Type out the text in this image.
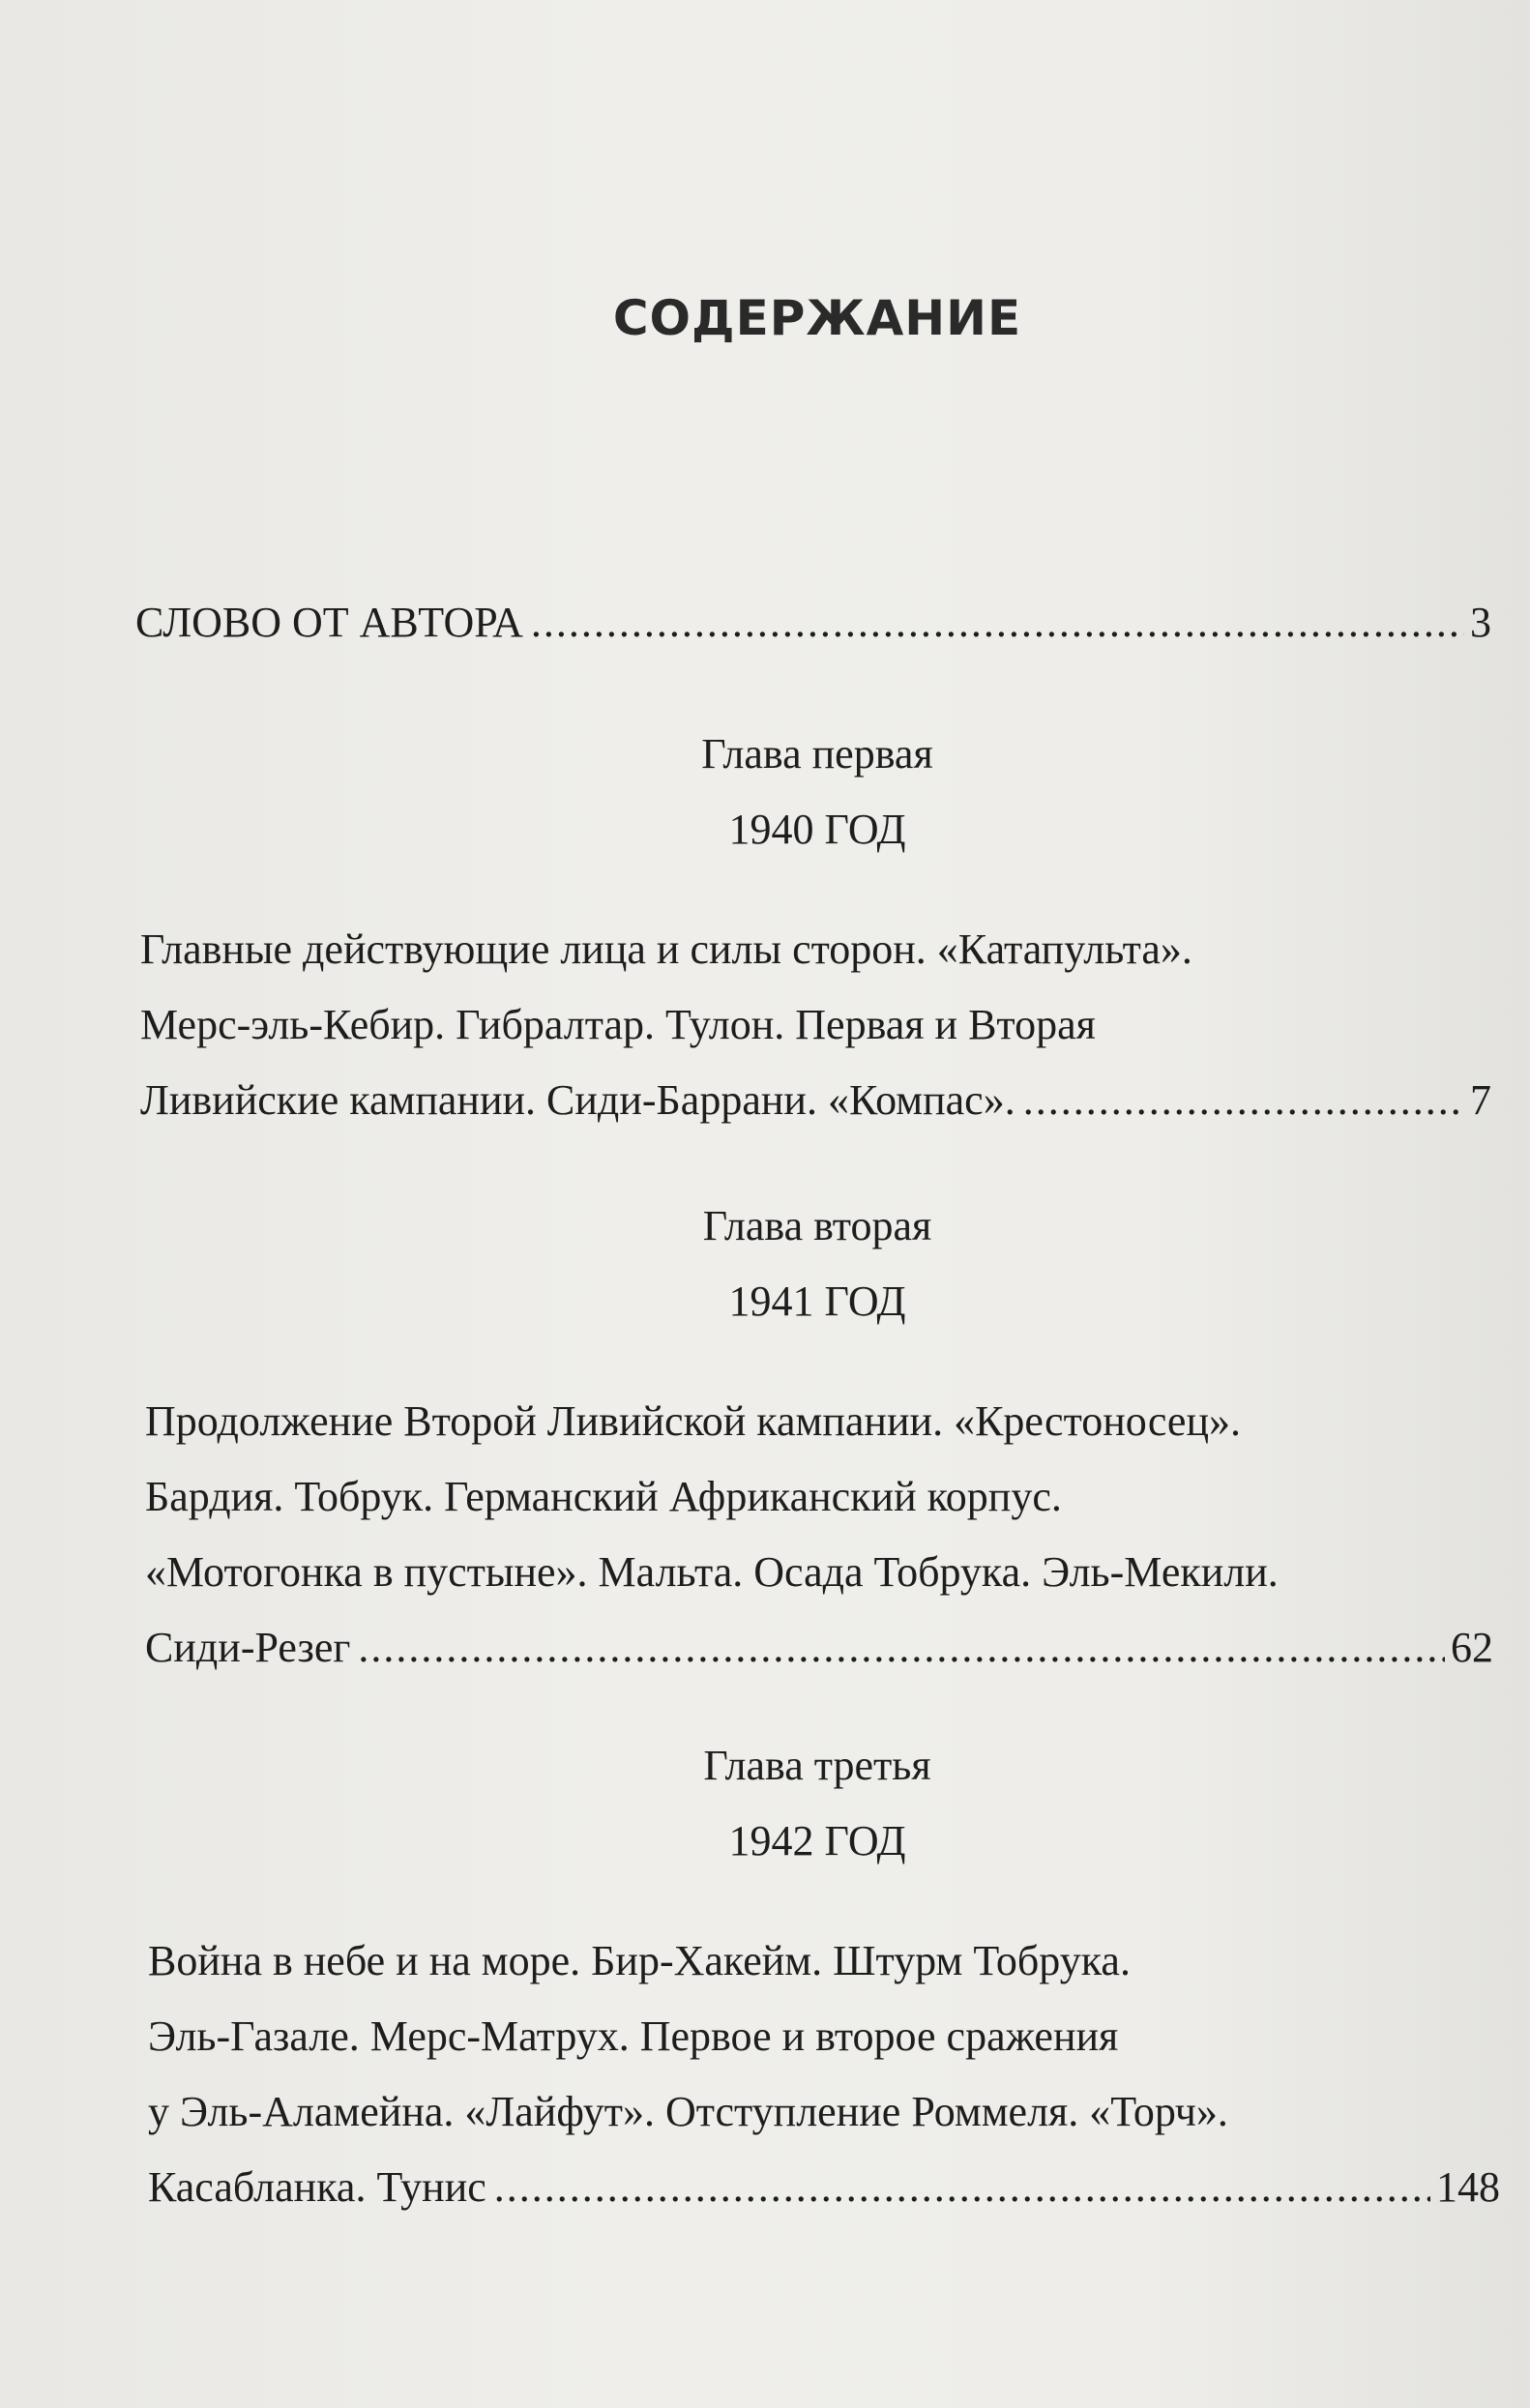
СОДЕРЖАНИЕ
СЛОВО ОТ АВТОРА .....	3
Глава первая
1940 ГОД
Главные действующие лица и силы сторон. «Катапульта».
Мерс-эль-Кебир. Гибралтар. Тулон. Первая и Вторая
Ливийские кампании. Сиди-Баррани. «Компас». .....	7
Глава вторая
1941 ГОД
Продолжение Второй Ливийской кампании. «Крестоносец».
Бардия. Тобрук. Германский Африканский корпус.
«Мотогонка в пустыне». Мальта. Осада Тобрука. Эль-Мекили.
Сиди-Резег .....	62
Глава третья
1942 ГОД
Война в небе и на море. Бир-Хакейм. Штурм Тобрука.
Эль-Газале. Мерс-Матрух. Первое и второе сражения
у Эль-Аламейна. «Лайфут». Отступление Роммеля. «Торч».
Касабланка. Тунис .....	148
